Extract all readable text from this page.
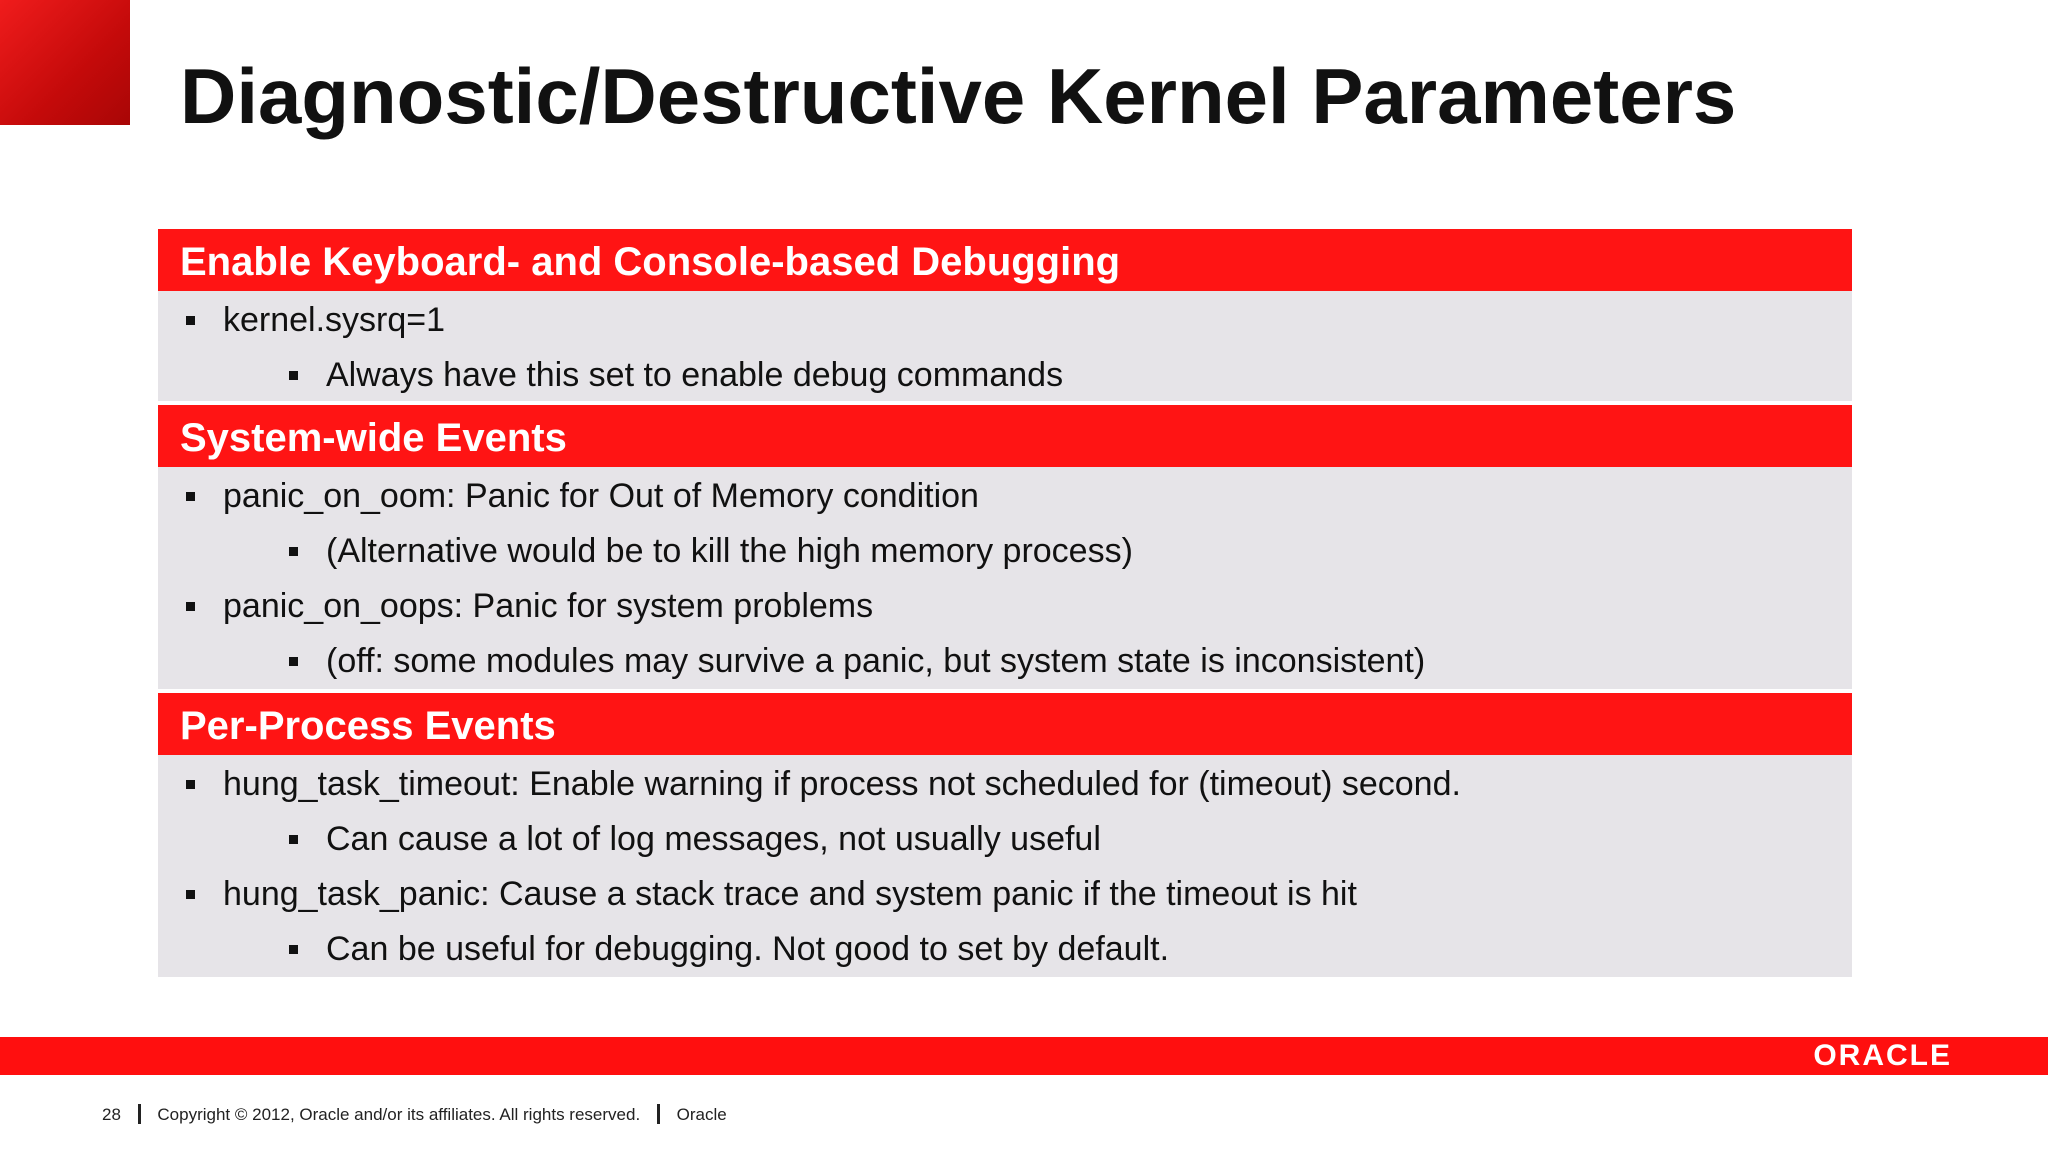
Diagnostic/Destructive Kernel Parameters
Enable Keyboard- and Console-based Debugging
kernel.sysrq=1
Always have this set to enable debug commands
System-wide Events
panic_on_oom: Panic for Out of Memory condition
(Alternative would be to kill the high memory process)
panic_on_oops: Panic for system problems
(off: some modules may survive a panic, but system state is inconsistent)
Per-Process Events
hung_task_timeout: Enable warning if process not scheduled for (timeout) second.
Can cause a lot of log messages, not usually useful
hung_task_panic: Cause a stack trace and system panic if the timeout is hit
Can be useful for debugging. Not good to set by default.
ORACLE
28 Copyright © 2012, Oracle and/or its affiliates. All rights reserved. Oracle
